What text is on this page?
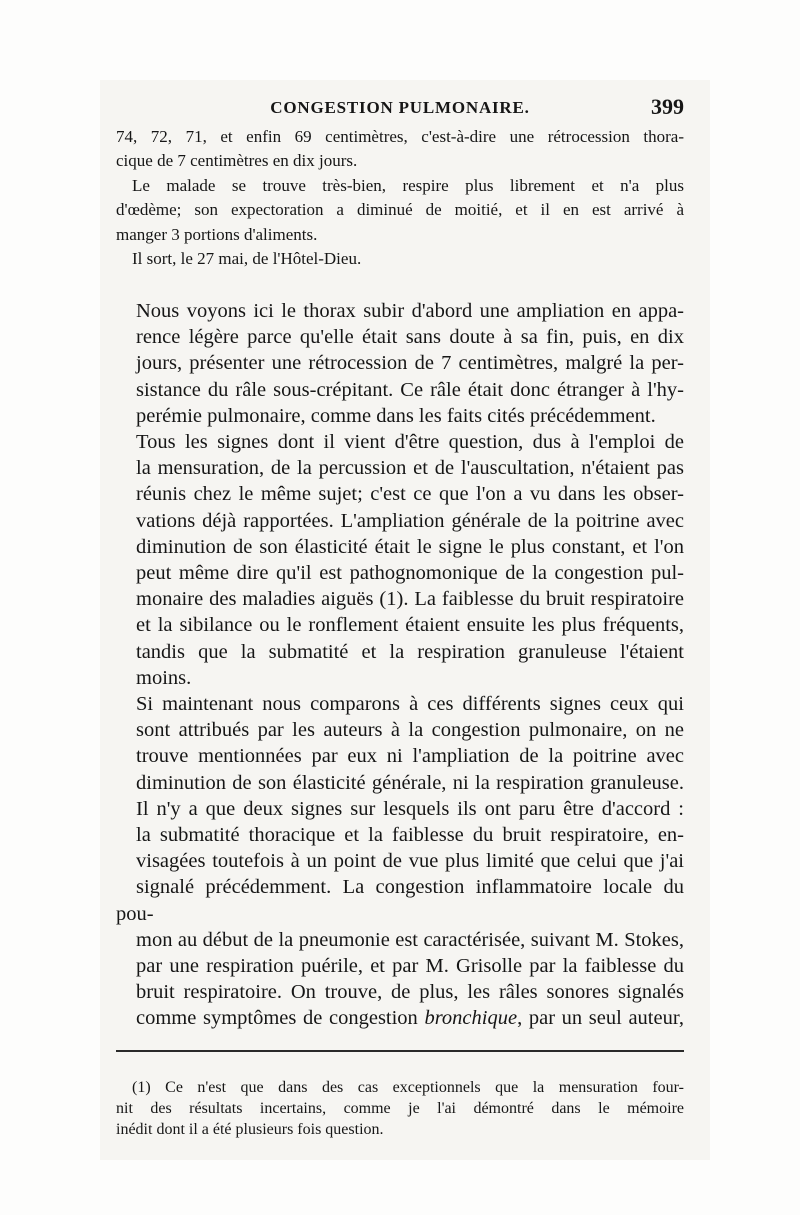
CONGESTION PULMONAIRE.	399

74, 72, 71, et enfin 69 centimètres, c'est-à-dire une rétrocession thora-
cique de 7 centimètres en dix jours.

Le malade se trouve très-bien, respire plus librement et n'a plus
d'œdème; son expectoration a diminué de moitié, et il en est arrivé à
manger 3 portions d'aliments.

Il sort, le 27 mai, de l'Hôtel-Dieu.

Nous voyons ici le thorax subir d'abord une ampliation en appa-
rence légère parce qu'elle était sans doute à sa fin, puis, en dix
jours, présenter une rétrocession de 7 centimètres, malgré la per-
sistance du râle sous-crépitant. Ce râle était donc étranger à l'hy-
perémie pulmonaire, comme dans les faits cités précédemment.

Tous les signes dont il vient d'être question, dus à l'emploi de
la mensuration, de la percussion et de l'auscultation, n'étaient pas
réunis chez le même sujet; c'est ce que l'on a vu dans les obser-
vations déjà rapportées. L'ampliation générale de la poitrine avec
diminution de son élasticité était le signe le plus constant, et l'on
peut même dire qu'il est pathognomonique de la congestion pul-
monaire des maladies aiguës (1). La faiblesse du bruit respiratoire
et la sibilance ou le ronflement étaient ensuite les plus fréquents,
tandis que la submatité et la respiration granuleuse l'étaient
moins.

Si maintenant nous comparons à ces différents signes ceux qui
sont attribués par les auteurs à la congestion pulmonaire, on ne
trouve mentionnées par eux ni l'ampliation de la poitrine avec
diminution de son élasticité générale, ni la respiration granuleuse.
Il n'y a que deux signes sur lesquels ils ont paru être d'accord :
la submatité thoracique et la faiblesse du bruit respiratoire, en-
visagées toutefois à un point de vue plus limité que celui que j'ai
signalé précédemment. La congestion inflammatoire locale du pou-
mon au début de la pneumonie est caractérisée, suivant M. Stokes,
par une respiration puérile, et par M. Grisolle par la faiblesse du
bruit respiratoire. On trouve, de plus, les râles sonores signalés
comme symptômes de congestion bronchique, par un seul auteur,

(1) Ce n'est que dans des cas exceptionnels que la mensuration four-
nit des résultats incertains, comme je l'ai démontré dans le mémoire
inédit dont il a été plusieurs fois question.
